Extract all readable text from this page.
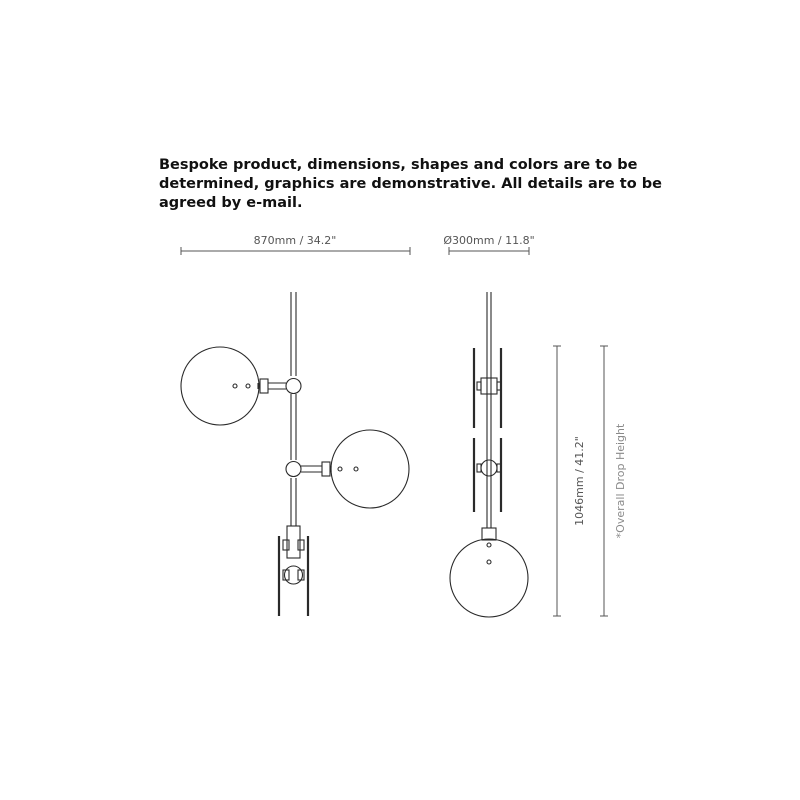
Bespoke product, dimensions, shapes and colors are to be
determined, graphics are demonstrative. All details are to be
agreed by e-mail.
870mm / 34.2"	Ø300mm / 11.8"
1046mm / 41.2"	*Overall Drop Height
